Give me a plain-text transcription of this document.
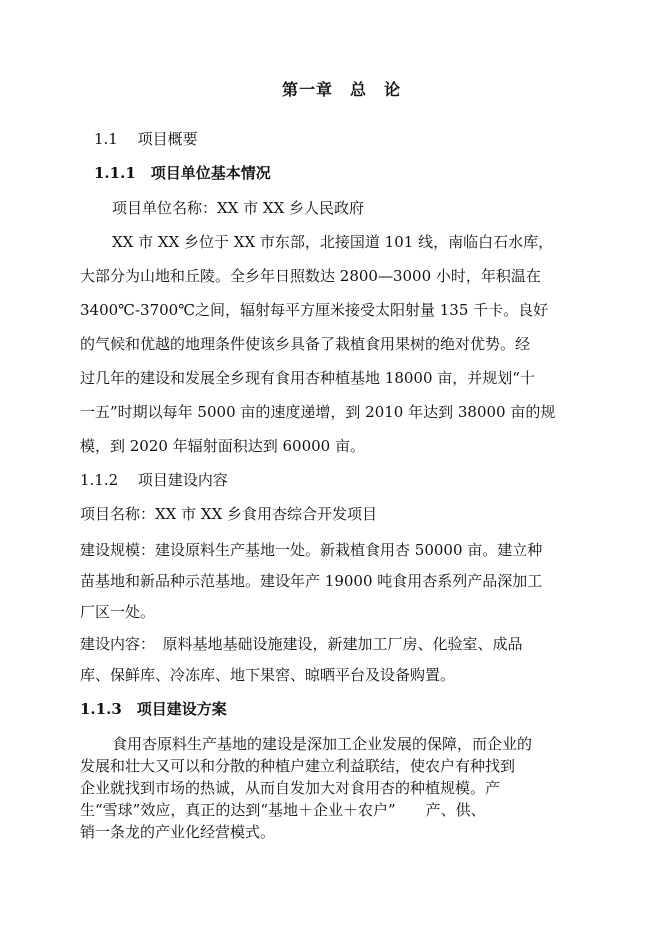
第一章　总　论
1.1　 项目概要
1.1.1　项目单位基本情况
项目单位名称：XX 市 XX 乡人民政府
XX 市 XX 乡位于 XX 市东部，北接国道 101 线，南临白石水库，
大部分为山地和丘陵。全乡年日照数达 2800—3000 小时，年积温在
3400℃-3700℃之间，辐射每平方厘米接受太阳射量 135 千卡。良好
的气候和优越的地理条件使该乡具备了栽植食用果树的绝对优势。经
过几年的建设和发展全乡现有食用杏种植基地 18000 亩，并规划“十
一五”时期以每年 5000 亩的速度递增，到 2010 年达到 38000 亩的规
模，到 2020 年辐射面积达到 60000 亩。
1.1.2　 项目建设内容
项目名称：XX 市 XX 乡食用杏综合开发项目
建设规模：建设原料生产基地一处。新栽植食用杏 50000 亩。建立种
苗基地和新品种示范基地。建设年产 19000 吨食用杏系列产品深加工
厂区一处。
建设内容：　原料基地基础设施建设，新建加工厂房、化验室、成品
库、保鲜库、冷冻库、地下果窖、晾晒平台及设备购置。
1.1.3　项目建设方案
食用杏原料生产基地的建设是深加工企业发展的保障，而企业的
发展和壮大又可以和分散的种植户建立利益联结，使农户有种找到
企业就找到市场的热诚，从而自发加大对食用杏的种植规模。产
生“雪球”效应，真正的达到“基地＋企业＋农户”　　产、供、
销一条龙的产业化经营模式。
